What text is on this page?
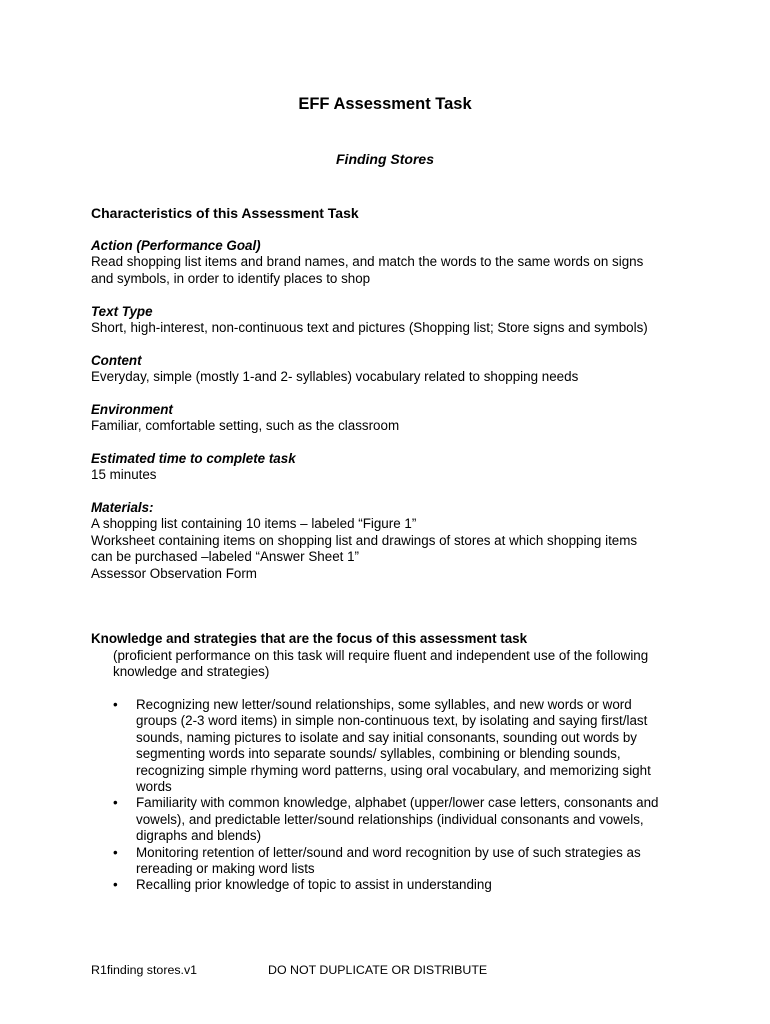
EFF Assessment Task
Finding Stores
Characteristics of this Assessment Task
Action (Performance Goal)
Read shopping list items and brand names, and match the words to the same words on signs
and symbols, in order to identify places to shop
Text Type
Short, high-interest, non-continuous text and pictures (Shopping list; Store signs and symbols)
Content
Everyday, simple (mostly 1-and 2- syllables) vocabulary related to shopping needs
Environment
Familiar, comfortable setting, such as the classroom
Estimated time to complete task
15 minutes
Materials:
A shopping list containing 10 items – labeled “Figure 1”
Worksheet containing items on shopping list and drawings of stores at which shopping items
can be purchased –labeled “Answer Sheet 1”
Assessor Observation Form
Knowledge and strategies that are the focus of this assessment task
(proficient performance on this task will require fluent and independent use of the following
knowledge and strategies)
•	Recognizing new letter/sound relationships, some syllables, and new words or word
groups (2-3 word items) in simple non-continuous text, by isolating and saying first/last
sounds, naming pictures to isolate and say initial consonants, sounding out words by
segmenting words into separate sounds/ syllables, combining or blending sounds,
recognizing simple rhyming word patterns, using oral vocabulary, and memorizing sight
words
•	Familiarity with common knowledge, alphabet (upper/lower case letters, consonants and
vowels), and predictable letter/sound relationships (individual consonants and vowels,
digraphs and blends)
•	Monitoring retention of letter/sound and word recognition by use of such strategies as
rereading or making word lists
•	Recalling prior knowledge of topic to assist in understanding
R1finding stores.v1	DO NOT DUPLICATE OR DISTRIBUTE
